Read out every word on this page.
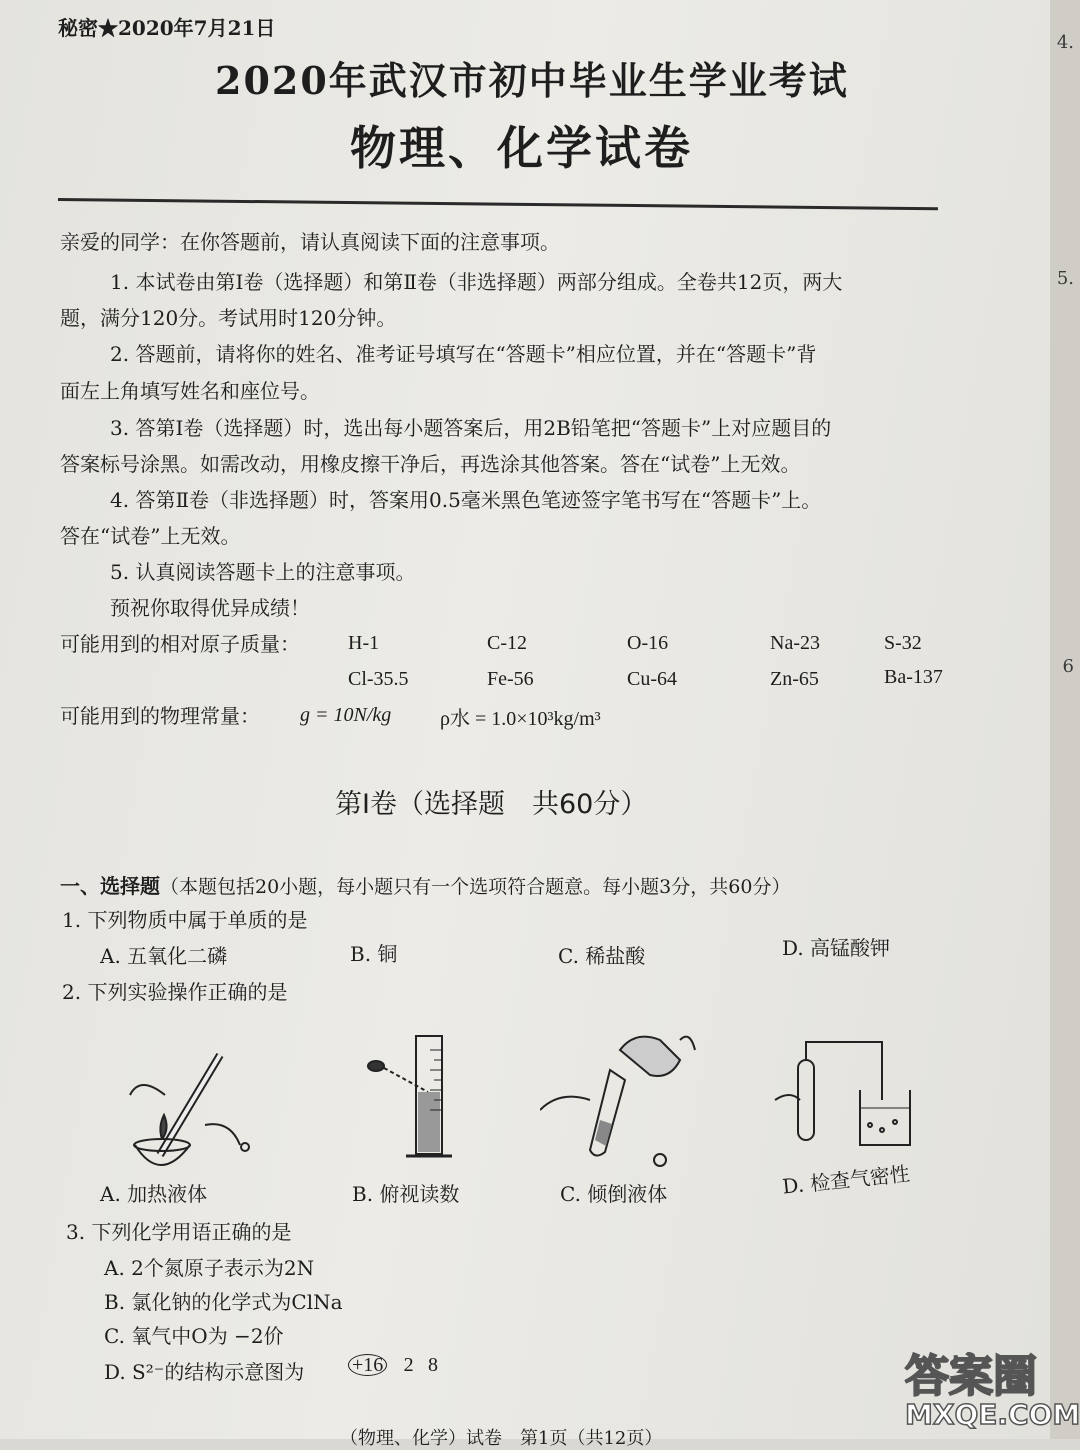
4.
5.
6
秘密★2020年7月21日
2020年武汉市初中毕业生学业考试
物理、化学试卷
亲爱的同学：在你答题前，请认真阅读下面的注意事项。
1. 本试卷由第Ⅰ卷（选择题）和第Ⅱ卷（非选择题）两部分组成。全卷共12页，两大
题，满分120分。考试用时120分钟。
2. 答题前，请将你的姓名、准考证号填写在“答题卡”相应位置，并在“答题卡”背
面左上角填写姓名和座位号。
3. 答第Ⅰ卷（选择题）时，选出每小题答案后，用2B铅笔把“答题卡”上对应题目的
答案标号涂黑。如需改动，用橡皮擦干净后，再选涂其他答案。答在“试卷”上无效。
4. 答第Ⅱ卷（非选择题）时，答案用0.5毫米黑色笔迹签字笔书写在“答题卡”上。
答在“试卷”上无效。
5. 认真阅读答题卡上的注意事项。
预祝你取得优异成绩！
可能用到的相对原子质量： H-1	C-12	O-16	Na-23	S-32
Cl-35.5	Fe-56	Cu-64	Zn-65	Ba-137
可能用到的物理常量： g = 10N/kg ρ水 = 1.0×10³kg/m³
第Ⅰ卷（选择题　共60分）
一、选择题（本题包括20小题，每小题只有一个选项符合题意。每小题3分，共60分）
1. 下列物质中属于单质的是
A. 五氧化二磷	B. 铜	C. 稀盐酸	D. 高锰酸钾
2. 下列实验操作正确的是
A. 加热液体	B. 俯视读数	C. 倾倒液体	D. 检查气密性
3. 下列化学用语正确的是
A. 2个氮原子表示为2N
B. 氯化钠的化学式为ClNa
C. 氧气中O为 −2价
D. S²⁻的结构示意图为 +16 2 8
（物理、化学）试卷　第1页（共12页）
答案圈
MXQE.COM
